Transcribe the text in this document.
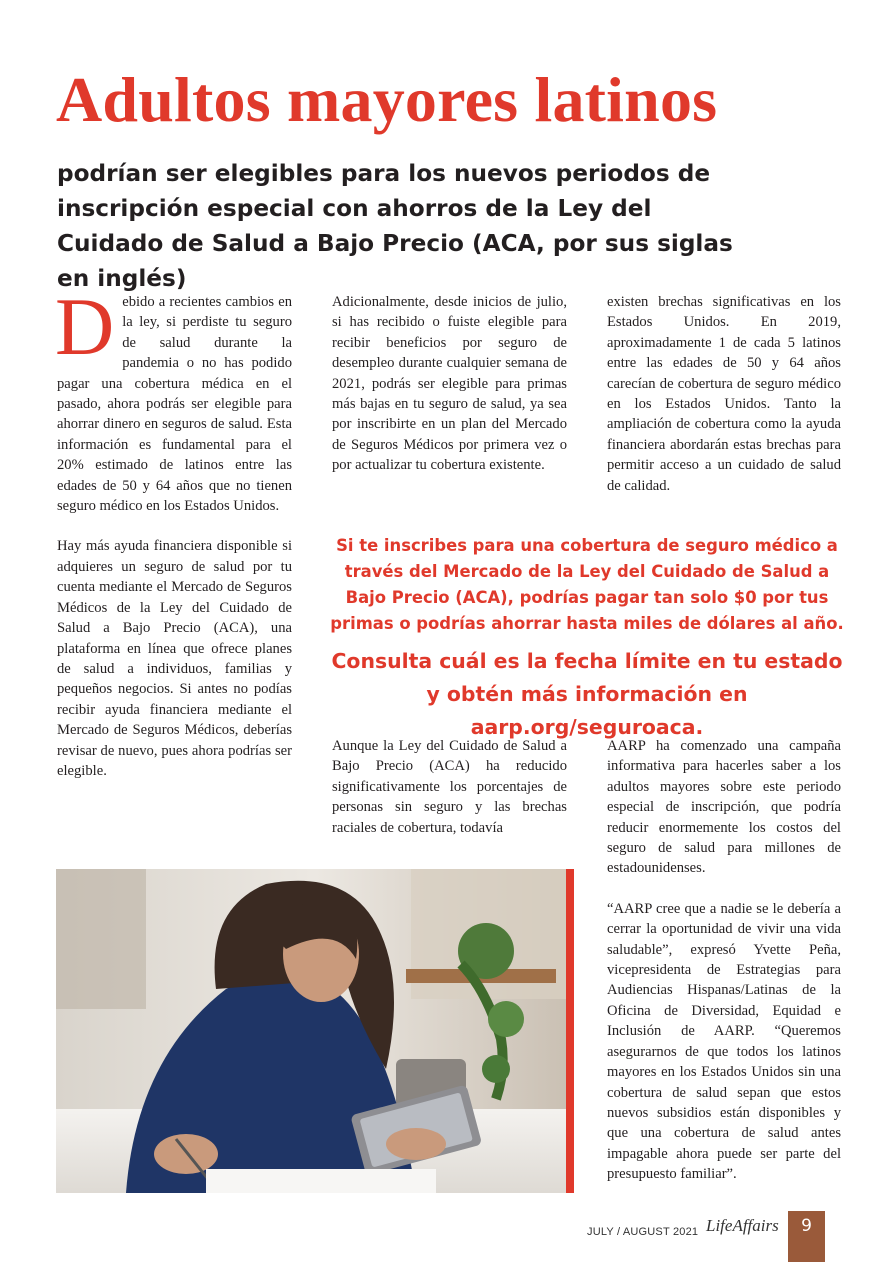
Adultos mayores latinos
podrían ser elegibles para los nuevos periodos de inscripción especial con ahorros de la Ley del Cuidado de Salud a Bajo Precio (ACA, por sus siglas en inglés)

Debido a recientes cambios en la ley, si perdiste tu seguro de salud durante la pandemia o no has podido pagar una cobertura médica en el pasado, ahora podrás ser elegible para ahorrar dinero en seguros de salud. Esta información es fundamental para el 20% estimado de latinos entre las edades de 50 y 64 años que no tienen seguro médico en los Estados Unidos.

Hay más ayuda financiera disponible si adquieres un seguro de salud por tu cuenta mediante el Mercado de Seguros Médicos de la Ley del Cuidado de Salud a Bajo Precio (ACA), una plataforma en línea que ofrece planes de salud a individuos, familias y pequeños negocios. Si antes no podías recibir ayuda financiera mediante el Mercado de Seguros Médicos, deberías revisar de nuevo, pues ahora podrías ser elegible.

Adicionalmente, desde inicios de julio, si has recibido o fuiste elegible para recibir beneficios por seguro de desempleo durante cualquier semana de 2021, podrás ser elegible para primas más bajas en tu seguro de salud, ya sea por inscribirte en un plan del Mercado de Seguros Médicos por primera vez o por actualizar tu cobertura existente.

existen brechas significativas en los Estados Unidos. En 2019, aproximadamente 1 de cada 5 latinos entre las edades de 50 y 64 años carecían de cobertura de seguro médico en los Estados Unidos. Tanto la ampliación de cobertura como la ayuda financiera abordarán estas brechas para permitir acceso a un cuidado de salud de calidad.

Si te inscribes para una cobertura de seguro médico a través del Mercado de la Ley del Cuidado de Salud a Bajo Precio (ACA), podrías pagar tan solo $0 por tus primas o podrías ahorrar hasta miles de dólares al año.

Consulta cuál es la fecha límite en tu estado
y obtén más información en aarp.org/seguroaca.

Aunque la Ley del Cuidado de Salud a Bajo Precio (ACA) ha reducido significativamente los porcentajes de personas sin seguro y las brechas raciales de cobertura, todavía

AARP ha comenzado una campaña informativa para hacerles saber a los adultos mayores sobre este periodo especial de inscripción, que podría reducir enormemente los costos del seguro de salud para millones de estadounidenses.

“AARP cree que a nadie se le debería a cerrar la oportunidad de vivir una vida saludable”, expresó Yvette Peña, vicepresidenta de Estrategias para Audiencias Hispanas/Latinas de la Oficina de Diversidad, Equidad e Inclusión de AARP. “Queremos asegurarnos de que todos los latinos mayores en los Estados Unidos sin una cobertura de salud sepan que estos nuevos subsidios están disponibles y que una cobertura de salud antes impagable ahora puede ser parte del presupuesto familiar”.

JULY / AUGUST 2021 LifeAffairs	9
